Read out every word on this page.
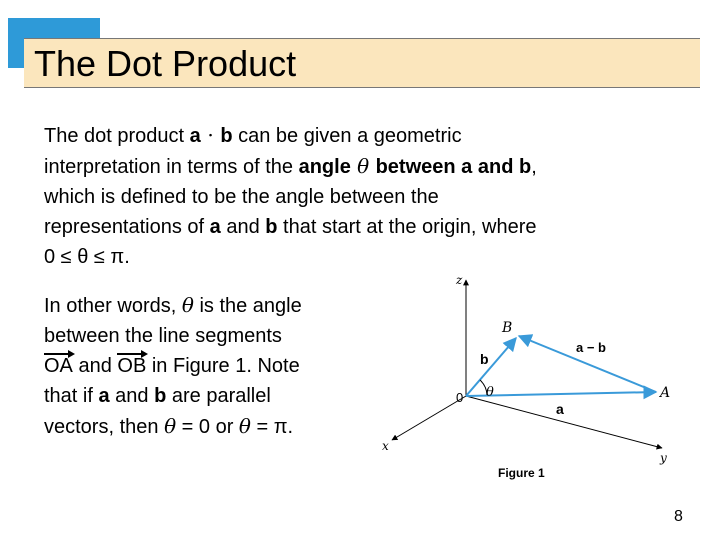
The Dot Product
The dot product a ⋅ b can be given a geometric
interpretation in terms of the angle θ between a and b,
which is defined to be the angle between the
representations of a and b that start at the origin, where
0 ≤ θ ≤ π.
In other words, θ is the angle
between the line segments
OA and OB in Figure 1. Note
that if a and b are parallel
vectors, then θ = 0 or θ = π.
z
x
y
0
B
A
b
a
a − b
θ
Figure 1
8
